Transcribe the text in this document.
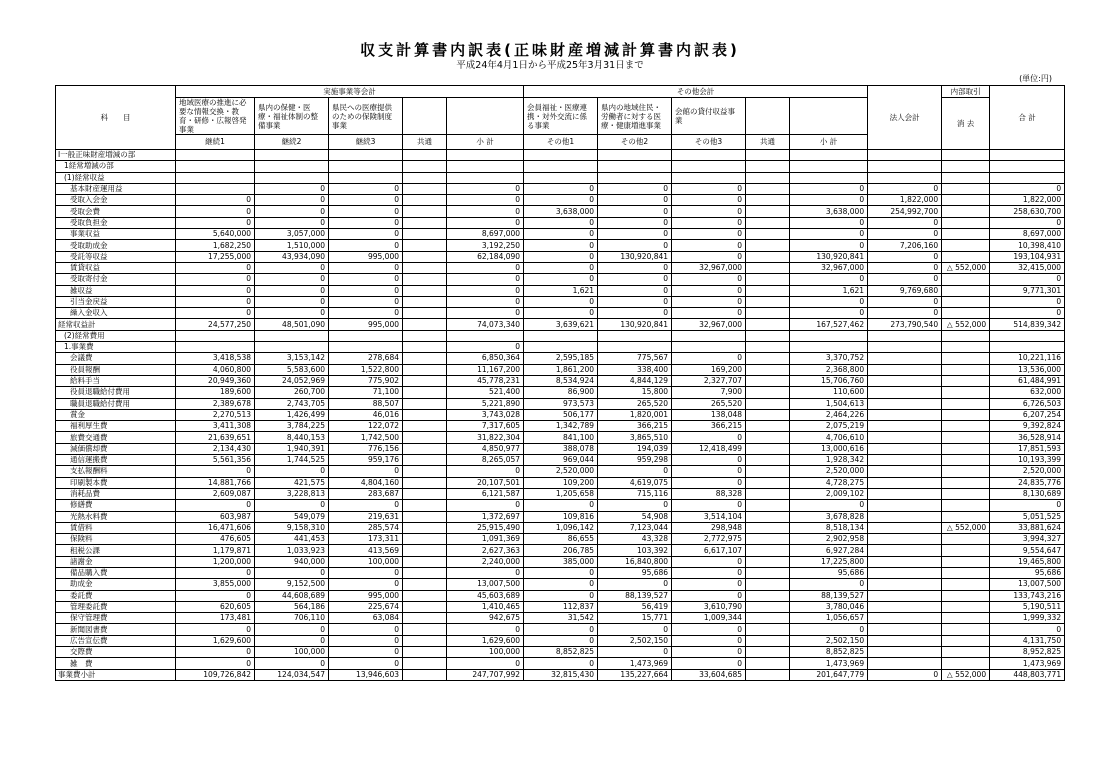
収支計算書内訳表(正味財産増減計算書内訳表)
平成24年4月1日から平成25年3月31日まで
(単位:円)
科　　目	実施事業等会計					その他会計					法人会計	内部取引	合 計
	地域医療の推進に必要な情報交換・教育・研修・広報啓発事業	県内の保健・医療・福祉体制の整備事業	県民への医療提供のための保険制度事業			会員福祉・医療連携・対外交流に係る事業	県内の地域住民・労働者に対する医療・健康増進事業	会館の貸付収益事業				消 去	
	継続1	継続2	継続3	共通	小 計	その他1	その他2	その他3	共通	小 計			
Ⅰ一般正味財産増減の部													
1経常増減の部													
(1)経常収益													
基本財産運用益		0	0		0	0	0	0		0	0		0
受取入会金	0	0	0		0	0	0	0		0	1,822,000		1,822,000
受取会費	0	0	0		0	3,638,000	0	0		3,638,000	254,992,700		258,630,700
受取負担金	0	0	0		0	0	0	0		0	0		0
事業収益	5,640,000	3,057,000	0		8,697,000	0	0	0		0	0		8,697,000
受取助成金	1,682,250	1,510,000	0		3,192,250	0	0	0		0	7,206,160		10,398,410
受託等収益	17,255,000	43,934,090	995,000		62,184,090	0	130,920,841	0		130,920,841	0		193,104,931
賃貸収益	0	0	0		0	0	0	32,967,000		32,967,000	0	△ 552,000	32,415,000
受取寄付金	0	0	0		0	0	0	0		0	0		0
雑収益	0	0	0		0	1,621	0	0		1,621	9,769,680		9,771,301
引当金戻益	0	0	0		0	0	0	0		0	0		0
繰入金収入	0	0	0		0	0	0	0		0	0		0
経常収益計	24,577,250	48,501,090	995,000		74,073,340	3,639,621	130,920,841	32,967,000		167,527,462	273,790,540	△ 552,000	514,839,342
(2)経常費用													
1.事業費					0								
会議費	3,418,538	3,153,142	278,684		6,850,364	2,595,185	775,567	0		3,370,752			10,221,116
役員報酬	4,060,800	5,583,600	1,522,800		11,167,200	1,861,200	338,400	169,200		2,368,800			13,536,000
給料手当	20,949,360	24,052,969	775,902		45,778,231	8,534,924	4,844,129	2,327,707		15,706,760			61,484,991
役員退職給付費用	189,600	260,700	71,100		521,400	86,900	15,800	7,900		110,600			632,000
職員退職給付費用	2,389,678	2,743,705	88,507		5,221,890	973,573	265,520	265,520		1,504,613			6,726,503
賞金	2,270,513	1,426,499	46,016		3,743,028	506,177	1,820,001	138,048		2,464,226			6,207,254
福利厚生費	3,411,308	3,784,225	122,072		7,317,605	1,342,789	366,215	366,215		2,075,219			9,392,824
旅費交通費	21,639,651	8,440,153	1,742,500		31,822,304	841,100	3,865,510	0		4,706,610			36,528,914
減価償却費	2,134,430	1,940,391	776,156		4,850,977	388,078	194,039	12,418,499		13,000,616			17,851,593
通信運搬費	5,561,356	1,744,525	959,176		8,265,057	969,044	959,298	0		1,928,342			10,193,399
支払報酬料	0	0	0		0	2,520,000	0	0		2,520,000			2,520,000
印刷製本費	14,881,766	421,575	4,804,160		20,107,501	109,200	4,619,075	0		4,728,275			24,835,776
消耗品費	2,609,087	3,228,813	283,687		6,121,587	1,205,658	715,116	88,328		2,009,102			8,130,689
修繕費	0	0	0		0	0	0	0		0			0
光熱水料費	603,987	549,079	219,631		1,372,697	109,816	54,908	3,514,104		3,678,828			5,051,525
賃借料	16,471,606	9,158,310	285,574		25,915,490	1,096,142	7,123,044	298,948		8,518,134		△ 552,000	33,881,624
保険料	476,605	441,453	173,311		1,091,369	86,655	43,328	2,772,975		2,902,958			3,994,327
租税公課	1,179,871	1,033,923	413,569		2,627,363	206,785	103,392	6,617,107		6,927,284			9,554,647
諸謝金	1,200,000	940,000	100,000		2,240,000	385,000	16,840,800	0		17,225,800			19,465,800
備品購入費	0	0	0		0	0	95,686	0		95,686			95,686
助成金	3,855,000	9,152,500	0		13,007,500	0	0	0		0			13,007,500
委託費	0	44,608,689	995,000		45,603,689	0	88,139,527	0		88,139,527			133,743,216
管理委託費	620,605	564,186	225,674		1,410,465	112,837	56,419	3,610,790		3,780,046			5,190,511
保守管理費	173,481	706,110	63,084		942,675	31,542	15,771	1,009,344		1,056,657			1,999,332
新聞図書費	0	0	0		0	0	0	0		0			0
広告宣伝費	1,629,600	0	0		1,629,600	0	2,502,150	0		2,502,150			4,131,750
交際費	0	100,000	0		100,000	8,852,825	0	0		8,852,825			8,952,825
雑　費	0	0	0		0	0	1,473,969	0		1,473,969			1,473,969
事業費小計	109,726,842	124,034,547	13,946,603		247,707,992	32,815,430	135,227,664	33,604,685		201,647,779	0	△ 552,000	448,803,771
